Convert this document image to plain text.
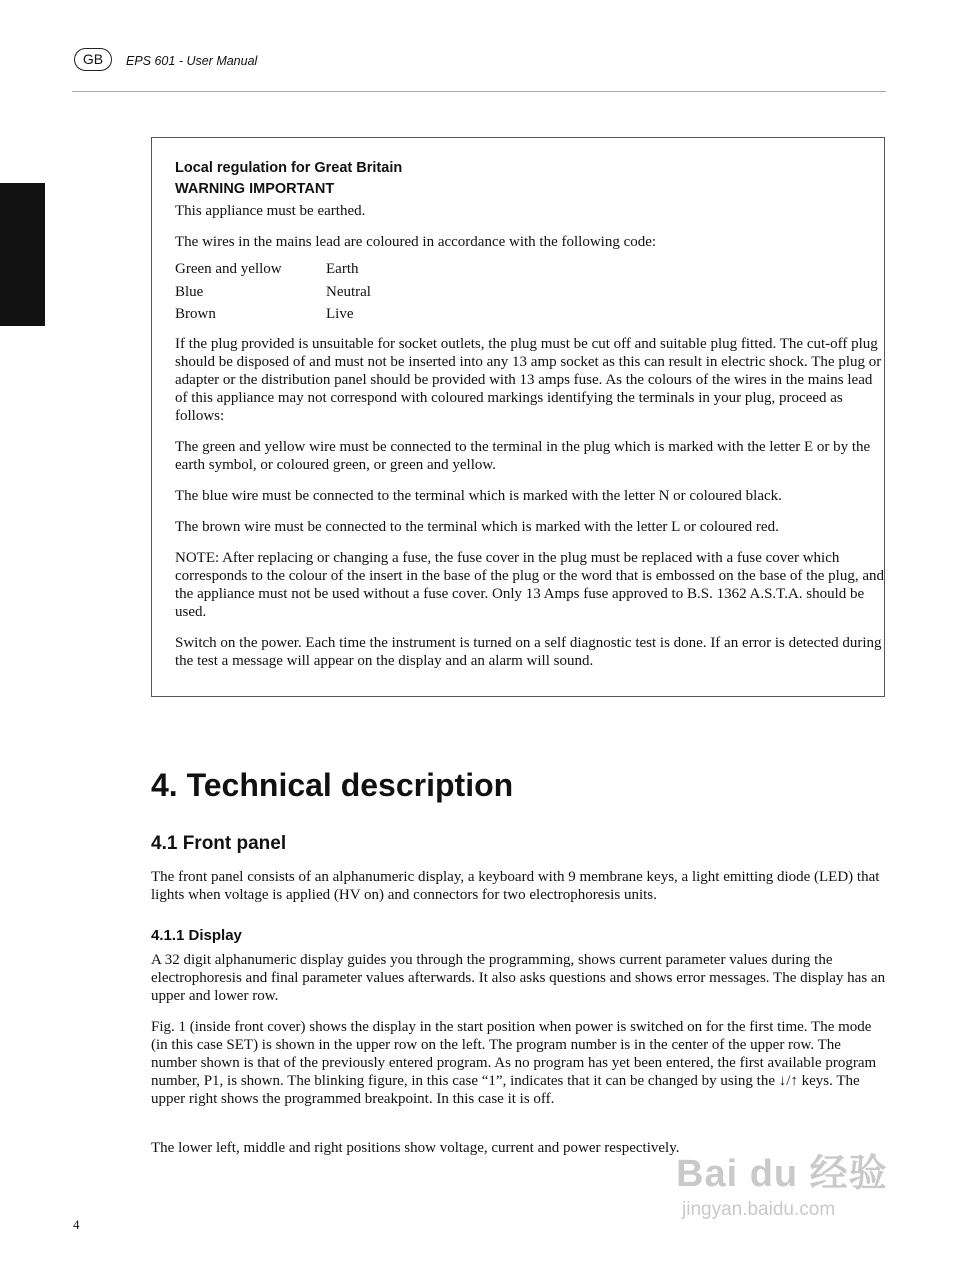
GB	EPS 601 - User Manual

Local regulation for Great Britain

WARNING IMPORTANT

This appliance must be earthed.

The wires in the mains lead are coloured in accordance with the following code:

Green and yellow	Earth
Blue	Neutral
Brown	Live

If the plug provided is unsuitable for socket outlets, the plug must be cut off and suitable plug fitted. The cut-off plug should be disposed of and must not be inserted into any 13 amp socket as this can result in electric shock. The plug or adapter or the distribution panel should be provided with 13 amps fuse. As the colours of the wires in the mains lead of this appliance may not correspond with coloured markings identifying the terminals in your plug, proceed as follows:

The green and yellow wire must be connected to the terminal in the plug which is marked with the letter E or by the earth symbol, or coloured green, or green and yellow.

The blue wire must be connected to the terminal which is marked with the letter N or coloured black.

The brown wire must be connected to the terminal which is marked with the letter L or coloured red.

NOTE: After replacing or changing a fuse, the fuse cover in the plug must be replaced with a fuse cover which corresponds to the colour of the insert in the base of the plug or the word that is embossed on the base of the plug, and the appliance must not be used without a fuse cover. Only 13 Amps fuse approved to B.S. 1362 A.S.T.A. should be used.

Switch on the power. Each time the instrument is turned on a self diagnostic test is done. If an error is detected during the test a message will appear on the display and an alarm will sound.

4. Technical description
4.1 Front panel

The front panel consists of an alphanumeric display, a keyboard with 9 membrane keys, a light emitting diode (LED) that lights when voltage is applied (HV on) and connectors for two electrophoresis units.

4.1.1 Display

A 32 digit alphanumeric display guides you through the programming, shows current parameter values during the electrophoresis and final parameter values afterwards. It also asks questions and shows error messages. The display has an upper and lower row.

Fig. 1 (inside front cover) shows the display in the start position when power is switched on for the first time. The mode (in this case SET) is shown in the upper row on the left. The program number is in the center of the upper row. The number shown is that of the previously entered program. As no program has yet been entered, the first available program number, P1, is shown. The blinking figure, in this case “1”, indicates that it can be changed by using the ↓/↑ keys. The upper right shows the programmed breakpoint. In this case it is off.

The lower left, middle and right positions show voltage, current and power respectively.

4
Bai du 经验
jingyan.baidu.com
